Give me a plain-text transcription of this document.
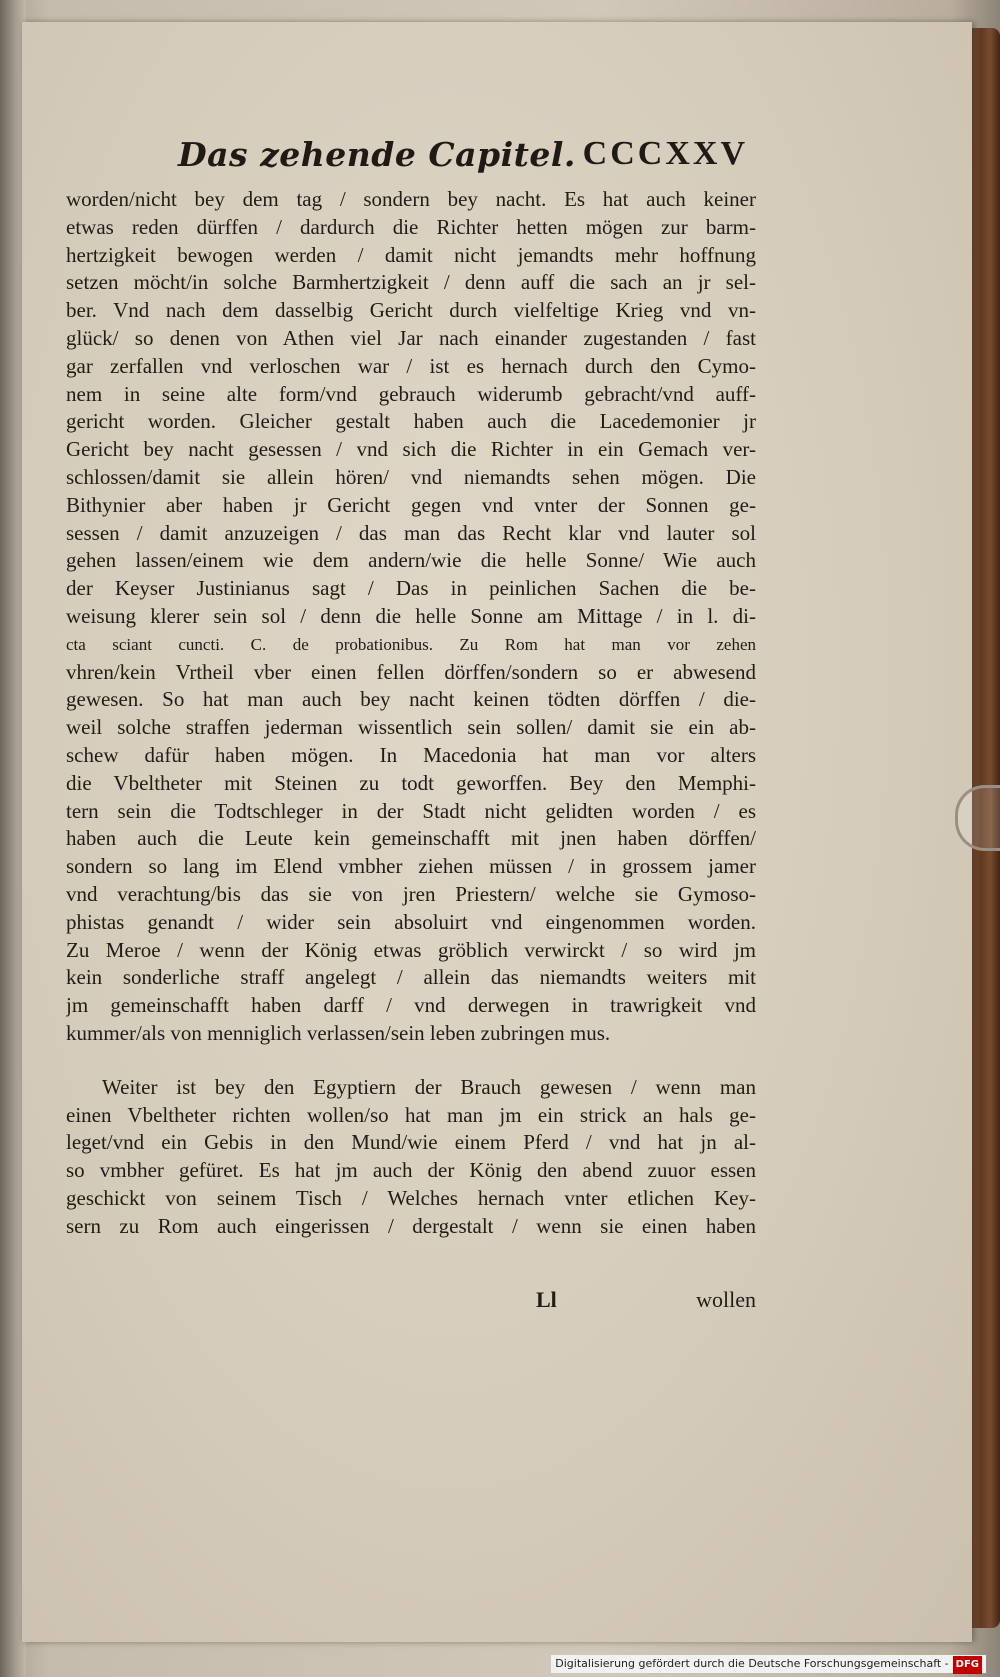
Das zehende Capitel. CCCXXV
worden/nicht bey dem tag / sondern bey nacht. Es hat auch keiner
etwas reden dürffen / dardurch die Richter hetten mögen zur barm-
hertzigkeit bewogen werden / damit nicht jemandts mehr hoffnung
setzen möcht/in solche Barmhertzigkeit / denn auff die sach an jr sel-
ber. Vnd nach dem dasselbig Gericht durch vielfeltige Krieg vnd vn-
glück/ so denen von Athen viel Jar nach einander zugestanden / fast
gar zerfallen vnd verloschen war / ist es hernach durch den Cymo-
nem in seine alte form/vnd gebrauch widerumb gebracht/vnd auff-
gericht worden. Gleicher gestalt haben auch die Lacedemonier jr
Gericht bey nacht gesessen / vnd sich die Richter in ein Gemach ver-
schlossen/damit sie allein hören/ vnd niemandts sehen mögen. Die
Bithynier aber haben jr Gericht gegen vnd vnter der Sonnen ge-
sessen / damit anzuzeigen / das man das Recht klar vnd lauter sol
gehen lassen/einem wie dem andern/wie die helle Sonne/ Wie auch
der Keyser Justinianus sagt / Das in peinlichen Sachen die be-
weisung klerer sein sol / denn die helle Sonne am Mittage / in l. di-
cta sciant cuncti. C. de probationibus. Zu Rom hat man vor zehen
vhren/kein Vrtheil vber einen fellen dörffen/sondern so er abwesend
gewesen. So hat man auch bey nacht keinen tödten dörffen / die-
weil solche straffen jederman wissentlich sein sollen/ damit sie ein ab-
schew dafür haben mögen. In Macedonia hat man vor alters
die Vbeltheter mit Steinen zu todt geworffen. Bey den Memphi-
tern sein die Todtschleger in der Stadt nicht gelidten worden / es
haben auch die Leute kein gemeinschafft mit jnen haben dörffen/
sondern so lang im Elend vmbher ziehen müssen / in grossem jamer
vnd verachtung/bis das sie von jren Priestern/ welche sie Gymoso-
phistas genandt / wider sein absoluirt vnd eingenommen worden.
Zu Meroe / wenn der König etwas gröblich verwirckt / so wird jm
kein sonderliche straff angelegt / allein das niemandts weiters mit
jm gemeinschafft haben darff / vnd derwegen in trawrigkeit vnd
kummer/als von menniglich verlassen/sein leben zubringen mus.
Weiter ist bey den Egyptiern der Brauch gewesen / wenn man
einen Vbeltheter richten wollen/so hat man jm ein strick an hals ge-
leget/vnd ein Gebis in den Mund/wie einem Pferd / vnd hat jn al-
so vmbher gefüret. Es hat jm auch der König den abend zuuor essen
geschickt von seinem Tisch / Welches hernach vnter etlichen Key-
sern zu Rom auch eingerissen / dergestalt / wenn sie einen haben
Ll	wollen
Digitalisierung gefördert durch die Deutsche Forschungsgemeinschaft - DFG
